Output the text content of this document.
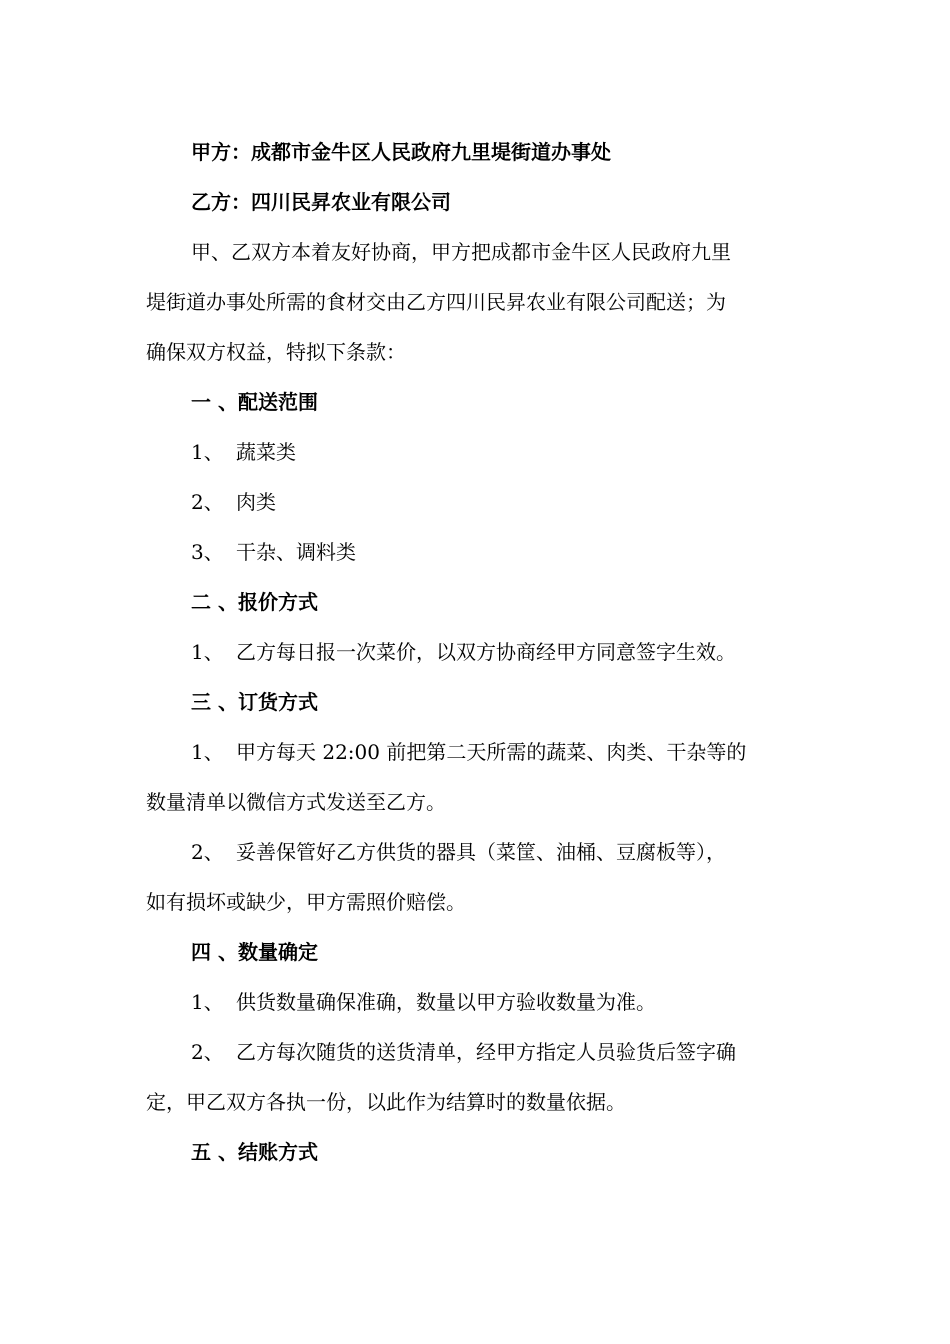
甲方：成都市金牛区人民政府九里堤街道办事处
乙方：四川民昇农业有限公司
甲、乙双方本着友好协商，甲方把成都市金牛区人民政府九里
堤街道办事处所需的食材交由乙方四川民昇农业有限公司配送；为
确保双方权益，特拟下条款：
一 、配送范围
1、 蔬菜类
2、 肉类
3、 干杂、调料类
二 、报价方式
1、 乙方每日报一次菜价，以双方协商经甲方同意签字生效。
三 、订货方式
1、 甲方每天 22:00 前把第二天所需的蔬菜、肉类、干杂等的
数量清单以微信方式发送至乙方。
2、 妥善保管好乙方供货的器具（菜筐、油桶、豆腐板等），
如有损坏或缺少，甲方需照价赔偿。
四 、数量确定
1、 供货数量确保准确，数量以甲方验收数量为准。
2、 乙方每次随货的送货清单，经甲方指定人员验货后签字确
定，甲乙双方各执一份，以此作为结算时的数量依据。
五 、结账方式
